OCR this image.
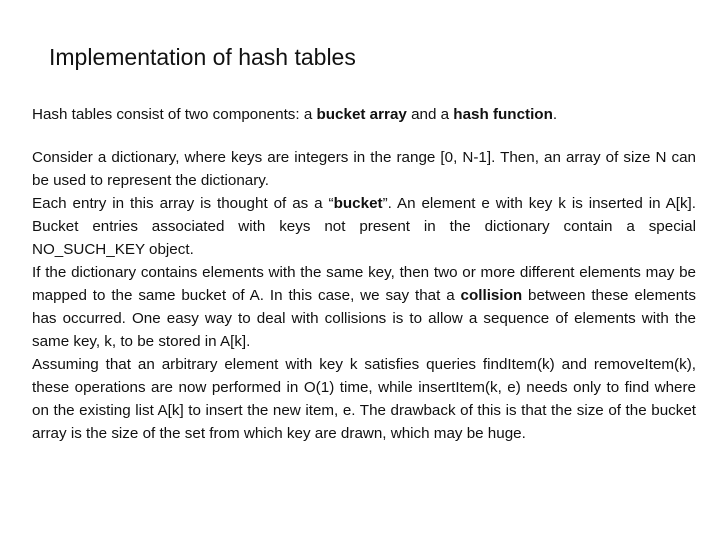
Implementation of hash tables
Hash tables consist of two components: a bucket array and a hash function.

Consider a dictionary, where keys are integers in the range [0, N-1]. Then, an array of size N can be used to represent the dictionary.

Each entry in this array is thought of as a “bucket”. An element e with key k is inserted in A[k]. Bucket entries associated with keys not present in the dictionary contain a special NO_SUCH_KEY object.

If the dictionary contains elements with the same key, then two or more different elements may be mapped to the same bucket of A. In this case, we say that a collision between these elements has occurred. One easy way to deal with collisions is to allow a sequence of elements with the same key, k, to be stored in A[k].

Assuming that an arbitrary element with key k satisfies queries findItem(k) and removeItem(k), these operations are now performed in O(1) time, while insertItem(k, e) needs only to find where on the existing list A[k] to insert the new item, e. The drawback of this is that the size of the bucket array is the size of the set from which key are drawn, which may be huge.
